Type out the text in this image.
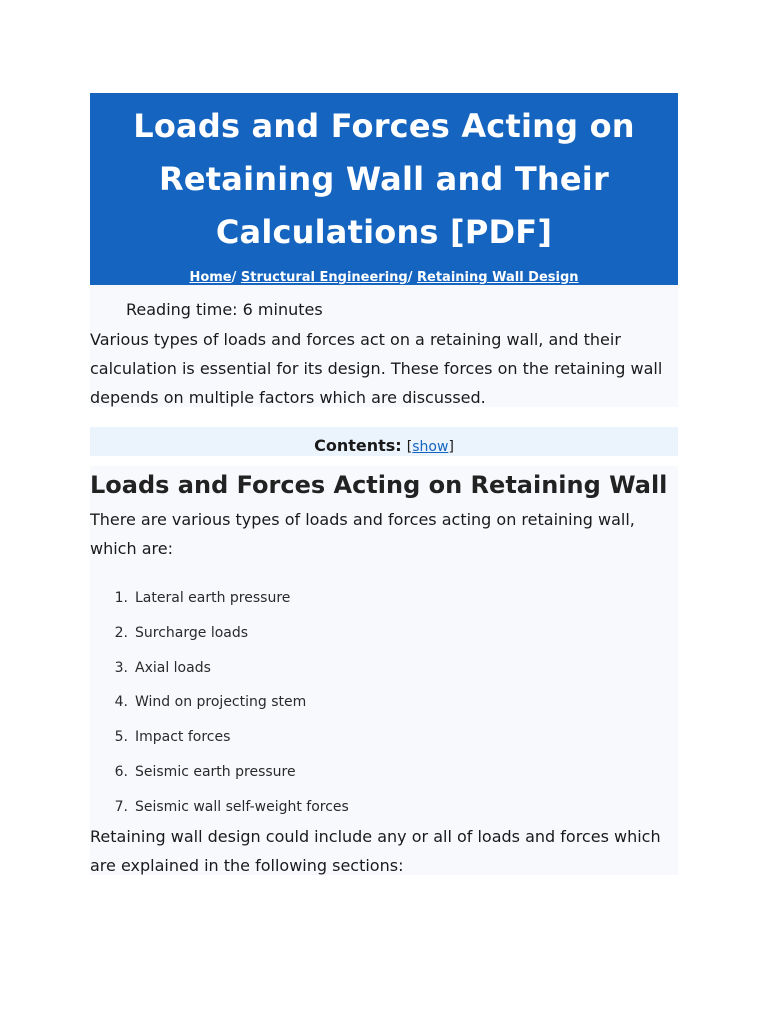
Loads and Forces Acting on Retaining Wall and Their Calculations [PDF]
Home/ Structural Engineering/ Retaining Wall Design
Reading time: 6 minutes

Various types of loads and forces act on a retaining wall, and their calculation is essential for its design. These forces on the retaining wall depends on multiple factors which are discussed.

Contents: [show]
Loads and Forces Acting on Retaining Wall

There are various types of loads and forces acting on retaining wall, which are:

1. Lateral earth pressure
2. Surcharge loads
3. Axial loads
4. Wind on projecting stem
5. Impact forces
6. Seismic earth pressure
7. Seismic wall self-weight forces

Retaining wall design could include any or all of loads and forces which are explained in the following sections:
